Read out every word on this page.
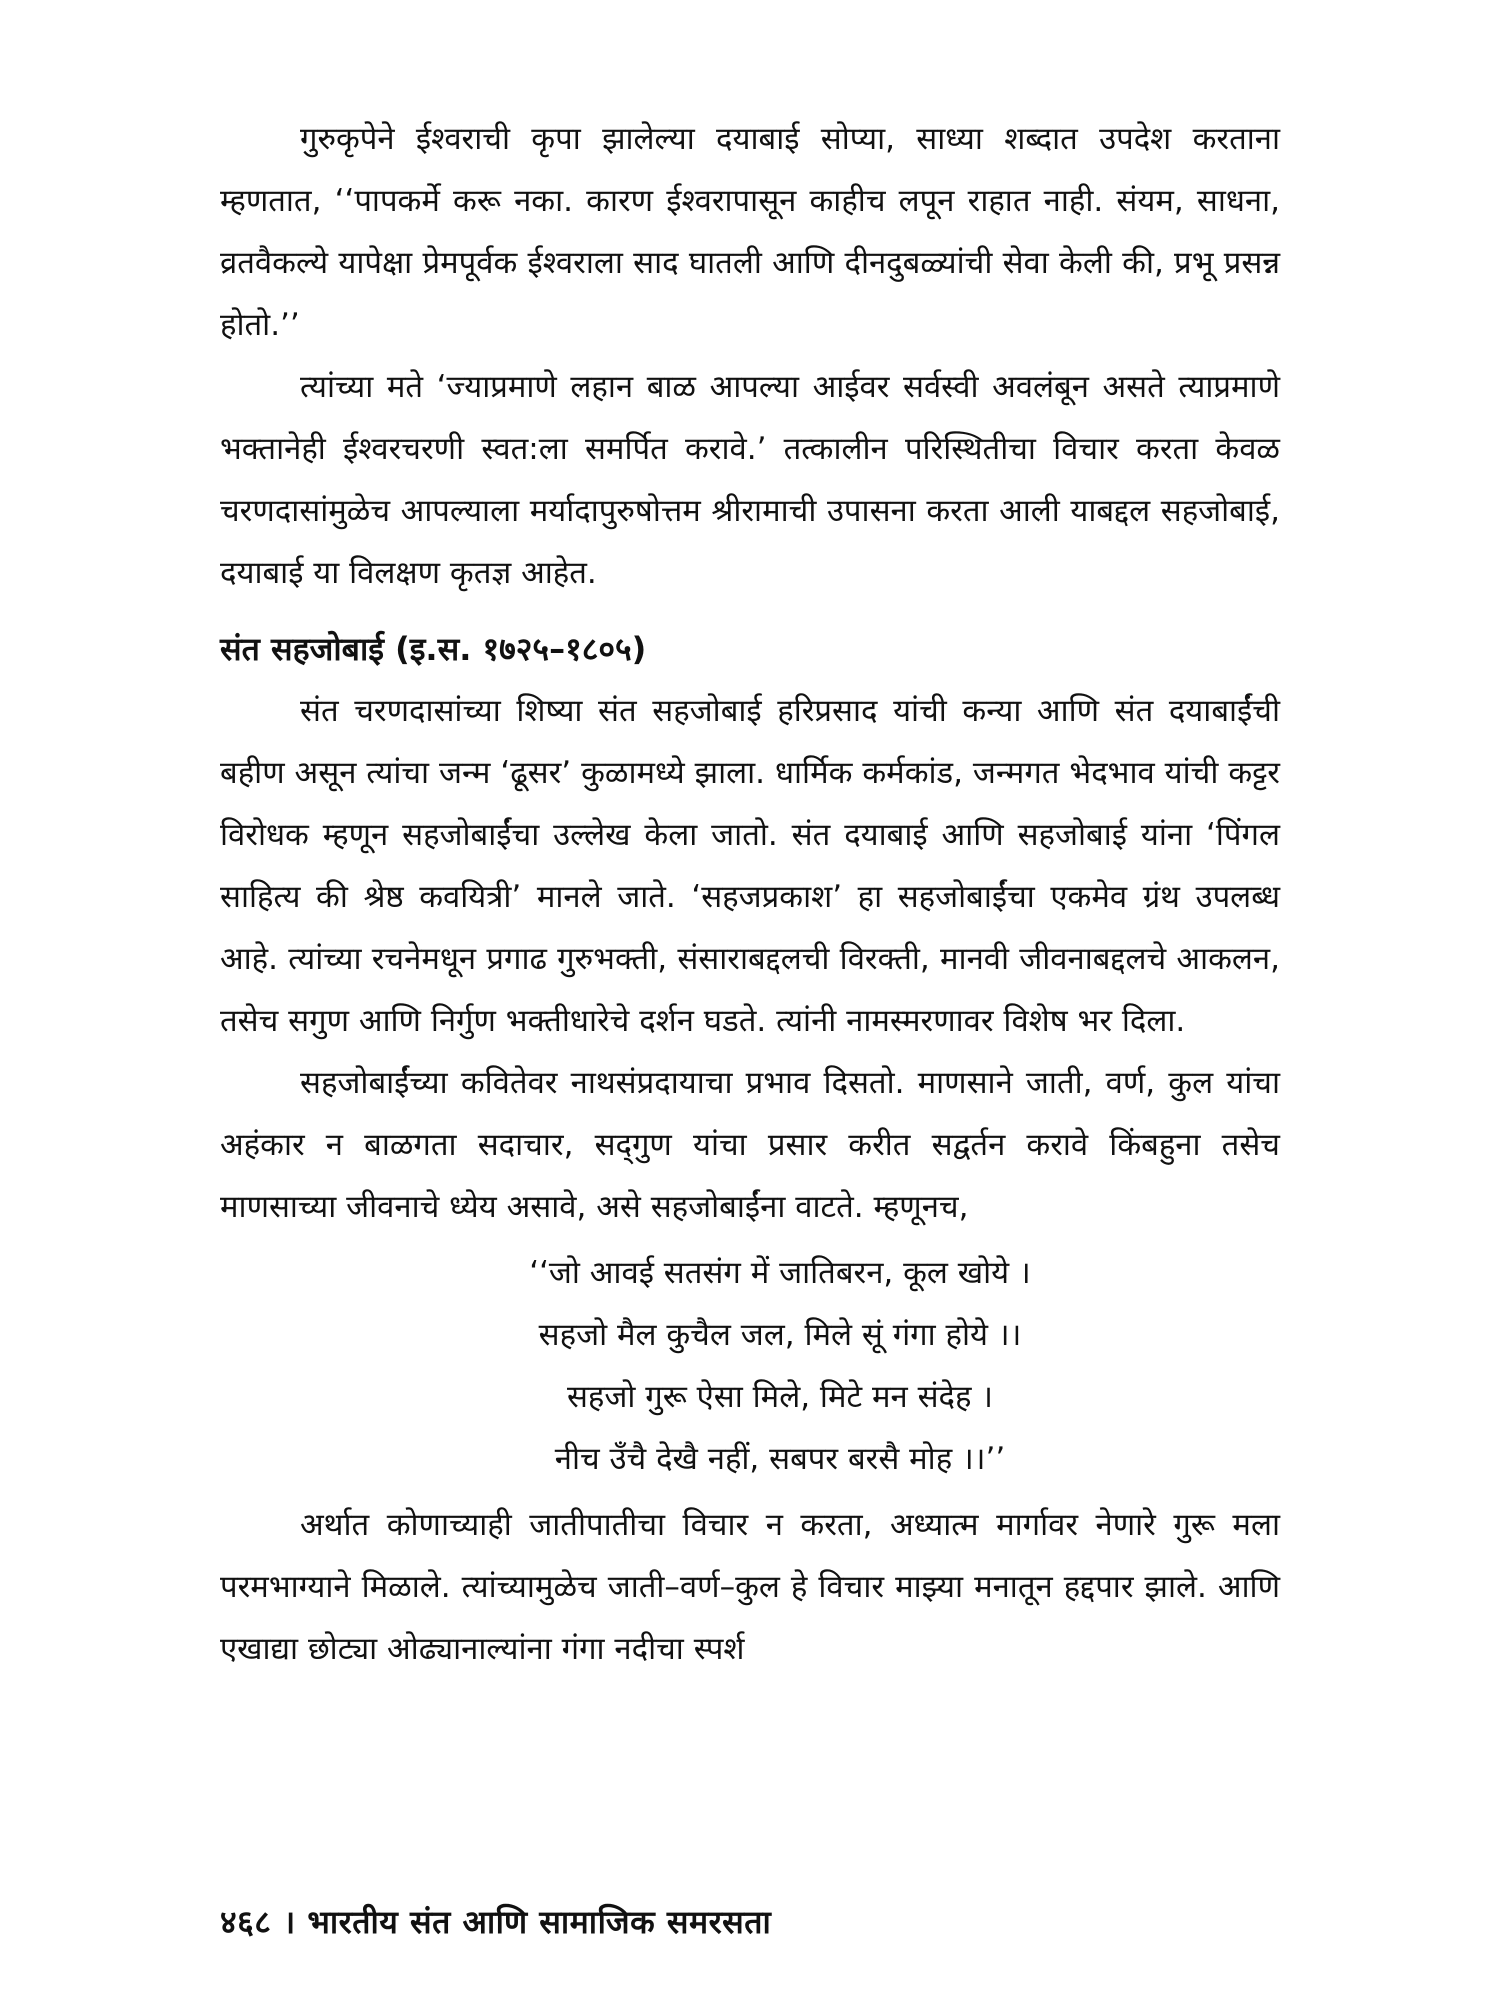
गुरुकृपेने ईश्वराची कृपा झालेल्या दयाबाई सोप्या, साध्या शब्दात उपदेश करताना म्हणतात, ‘‘पापकर्मे करू नका. कारण ईश्वरापासून काहीच लपून राहात नाही. संयम, साधना, व्रतवैकल्ये यापेक्षा प्रेमपूर्वक ईश्वराला साद घातली आणि दीनदुबळ्यांची सेवा केली की, प्रभू प्रसन्न होतो.’’

त्यांच्या मते ‘ज्याप्रमाणे लहान बाळ आपल्या आईवर सर्वस्वी अवलंबून असते त्याप्रमाणे भक्तानेही ईश्वरचरणी स्वत:ला समर्पित करावे.’ तत्कालीन परिस्थितीचा विचार करता केवळ चरणदासांमुळेच आपल्याला मर्यादापुरुषोत्तम श्रीरामाची उपासना करता आली याबद्दल सहजोबाई, दयाबाई या विलक्षण कृतज्ञ आहेत.

संत सहजोबाई (इ.स. १७२५–१८०५)

संत चरणदासांच्या शिष्या संत सहजोबाई हरिप्रसाद यांची कन्या आणि संत दयाबाईंची बहीण असून त्यांचा जन्म ‘ढूसर’ कुळामध्ये झाला. धार्मिक कर्मकांड, जन्मगत भेदभाव यांची कट्टर विरोधक म्हणून सहजोबाईंचा उल्लेख केला जातो. संत दयाबाई आणि सहजोबाई यांना ‘पिंगल साहित्य की श्रेष्ठ कवयित्री’ मानले जाते. ‘सहजप्रकाश’ हा सहजोबाईंचा एकमेव ग्रंथ उपलब्ध आहे. त्यांच्या रचनेमधून प्रगाढ गुरुभक्ती, संसाराबद्दलची विरक्ती, मानवी जीवनाबद्दलचे आकलन, तसेच सगुण आणि निर्गुण भक्तीधारेचे दर्शन घडते. त्यांनी नामस्मरणावर विशेष भर दिला.

सहजोबाईंच्या कवितेवर नाथसंप्रदायाचा प्रभाव दिसतो. माणसाने जाती, वर्ण, कुल यांचा अहंकार न बाळगता सदाचार, सद्‌गुण यांचा प्रसार करीत सद्वर्तन करावे किंबहुना तसेच माणसाच्या जीवनाचे ध्येय असावे, असे सहजोबाईंना वाटते. म्हणूनच,

‘‘जो आवई सतसंग में जातिबरन, कूल खोये ।
सहजो मैल कुचैल जल, मिले सूं गंगा होये ।।
सहजो गुरू ऐसा मिले, मिटे मन संदेह ।
नीच उँचै देखै नहीं, सबपर बरसै मोह ।।’’

अर्थात कोणाच्याही जातीपातीचा विचार न करता, अध्यात्म मार्गावर नेणारे गुरू मला परमभाग्याने मिळाले. त्यांच्यामुळेच जाती–वर्ण–कुल हे विचार माझ्या मनातून हद्दपार झाले. आणि एखाद्या छोट्या ओढ्यानाल्यांना गंगा नदीचा स्पर्श

४६८ । भारतीय संत आणि सामाजिक समरसता
